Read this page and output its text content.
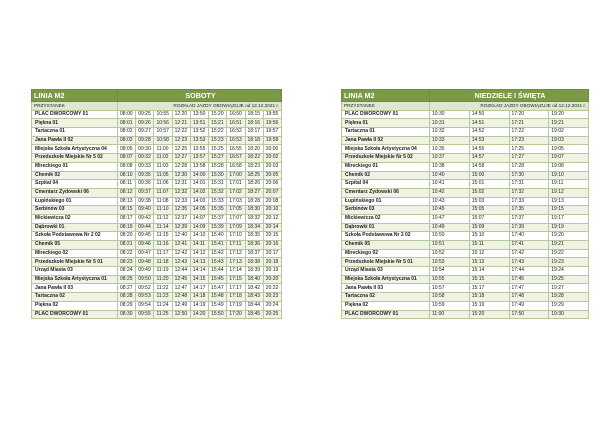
LINIA M2	SOBOTY								
PRZYSTANEK	ROZKŁAD JAZDY OBOWIĄZUJE od 12.12.2021 r.								
PLAC DWORCOWY 01	08:00	09:25	10:55	12:20	13:50	15:20	16:50	18:15	19:55
Piękna 01	08:01	09:26	10:56	12:21	13:51	15:21	16:51	18:16	19:56
Tartaczna 01	08:02	09:27	10:57	12:22	13:52	15:22	16:52	18:17	19:57
Jana Pawła II 02	08:03	09:28	10:58	12:23	13:53	15:23	16:53	18:18	19:58
Miejska Szkoła Artystyczna 04	08:05	09:30	11:00	12:25	13:55	15:25	16:55	18:20	20:00
Przedszkole Miejskie Nr 5 02	08:07	09:32	11:02	12:27	13:57	15:27	16:57	18:22	20:02
Mireckiego 01	08:08	09:33	11:03	12:28	13:58	15:28	16:58	18:23	20:03
Chemik 02	08:10	09:35	11:05	12:30	14:00	15:30	17:00	18:25	20:05
Szpital 04	08:11	09:36	11:06	12:31	14:01	15:31	17:01	18:26	20:06
Cmentarz Żydowski 06	08:12	09:37	11:07	12:32	14:02	15:32	17:02	18:27	20:07
Łupińskiego 01	08:13	09:38	11:08	12:33	14:03	15:33	17:03	18:28	20:08
Serbinów 03	08:15	09:40	11:10	12:35	14:05	15:35	17:05	18:30	20:10
Mickiewicza 02	08:17	09:42	11:12	12:37	14:07	15:37	17:07	18:32	20:12
Dąbrowki 01	08:19	09:44	11:14	12:39	14:09	15:39	17:09	18:34	20:14
Szkoła Podstawowa Nr 2 02	08:20	09:45	11:15	12:40	14:10	15:40	17:10	18:35	20:15
Chemik 05	08:21	09:46	11:16	12:41	14:11	15:41	17:11	18:36	20:16
Mireckiego 02	08:22	09:47	11:17	12:42	14:12	15:42	17:12	18:37	20:17
Przedszkole Miejskie Nr 5 01	08:23	09:48	11:18	12:43	14:13	15:43	17:13	18:38	20:18
Urząd Miasta 03	08:24	09:49	11:19	12:44	14:14	15:44	17:14	18:39	20:19
Miejska Szkoła Artystyczna 01	08:25	09:50	11:20	12:45	14:15	15:45	17:15	18:40	20:20
Jana Pawła II 03	08:27	09:52	11:22	12:47	14:17	15:47	17:17	18:42	20:22
Tartaczna 02	08:28	09:53	11:23	12:48	14:18	15:48	17:18	18:43	20:23
Piękna 02	08:29	09:54	11:24	12:49	14:19	15:49	17:19	18:44	20:24
PLAC DWORCOWY 01	08:30	09:55	11:25	12:50	14:20	15:50	17:20	18:45	20:25
LINIA M2	NIEDZIELE I ŚWIĘTA			
PRZYSTANEK	ROZKŁAD JAZDY OBOWIĄZUJE od 12.12.2021 r.			
PLAC DWORCOWY 01	10:30	14:50	17:20	19:20
Piękna 01	10:31	14:51	17:21	19:21
Tartaczna 01	10:32	14:52	17:22	19:02
Jana Pawła II 02	10:33	14:53	17:23	19:03
Miejska Szkoła Artystyczna 04	10:35	14:55	17:25	19:05
Przedszkole Miejskie Nr 5 02	10:37	14:57	17:27	19:07
Mireckiego 01	10:38	14:58	17:28	19:08
Chemik 02	10:40	15:00	17:30	19:10
Szpital 04	10:41	15:01	17:31	19:11
Cmentarz Żydowski 06	10:42	15:02	17:32	19:12
Łupińskiego 01	10:43	15:03	17:33	19:13
Serbinów 03	10:45	15:05	17:35	19:15
Mickiewicza 02	10:47	15:07	17:37	19:17
Dąbrowki 01	10:49	15:09	17:39	19:19
Szkoła Podstawowa Nr 2 02	10:50	15:10	17:40	19:20
Chemik 05	10:51	15:11	17:41	19:21
Mireckiego 02	10:52	15:12	17:42	19:22
Przedszkole Miejskie Nr 5 01	10:53	15:13	17:43	19:23
Urząd Miasta 03	10:54	15:14	17:44	19:24
Miejska Szkoła Artystyczna 01	10:55	15:15	17:45	19:25
Jana Pawła II 03	10:57	15:17	17:47	19:27
Tartaczna 02	10:58	15:18	17:48	19:28
Piękna 02	10:59	15:19	17:49	19:29
PLAC DWORCOWY 01	11:00	15:20	17:50	19:30
